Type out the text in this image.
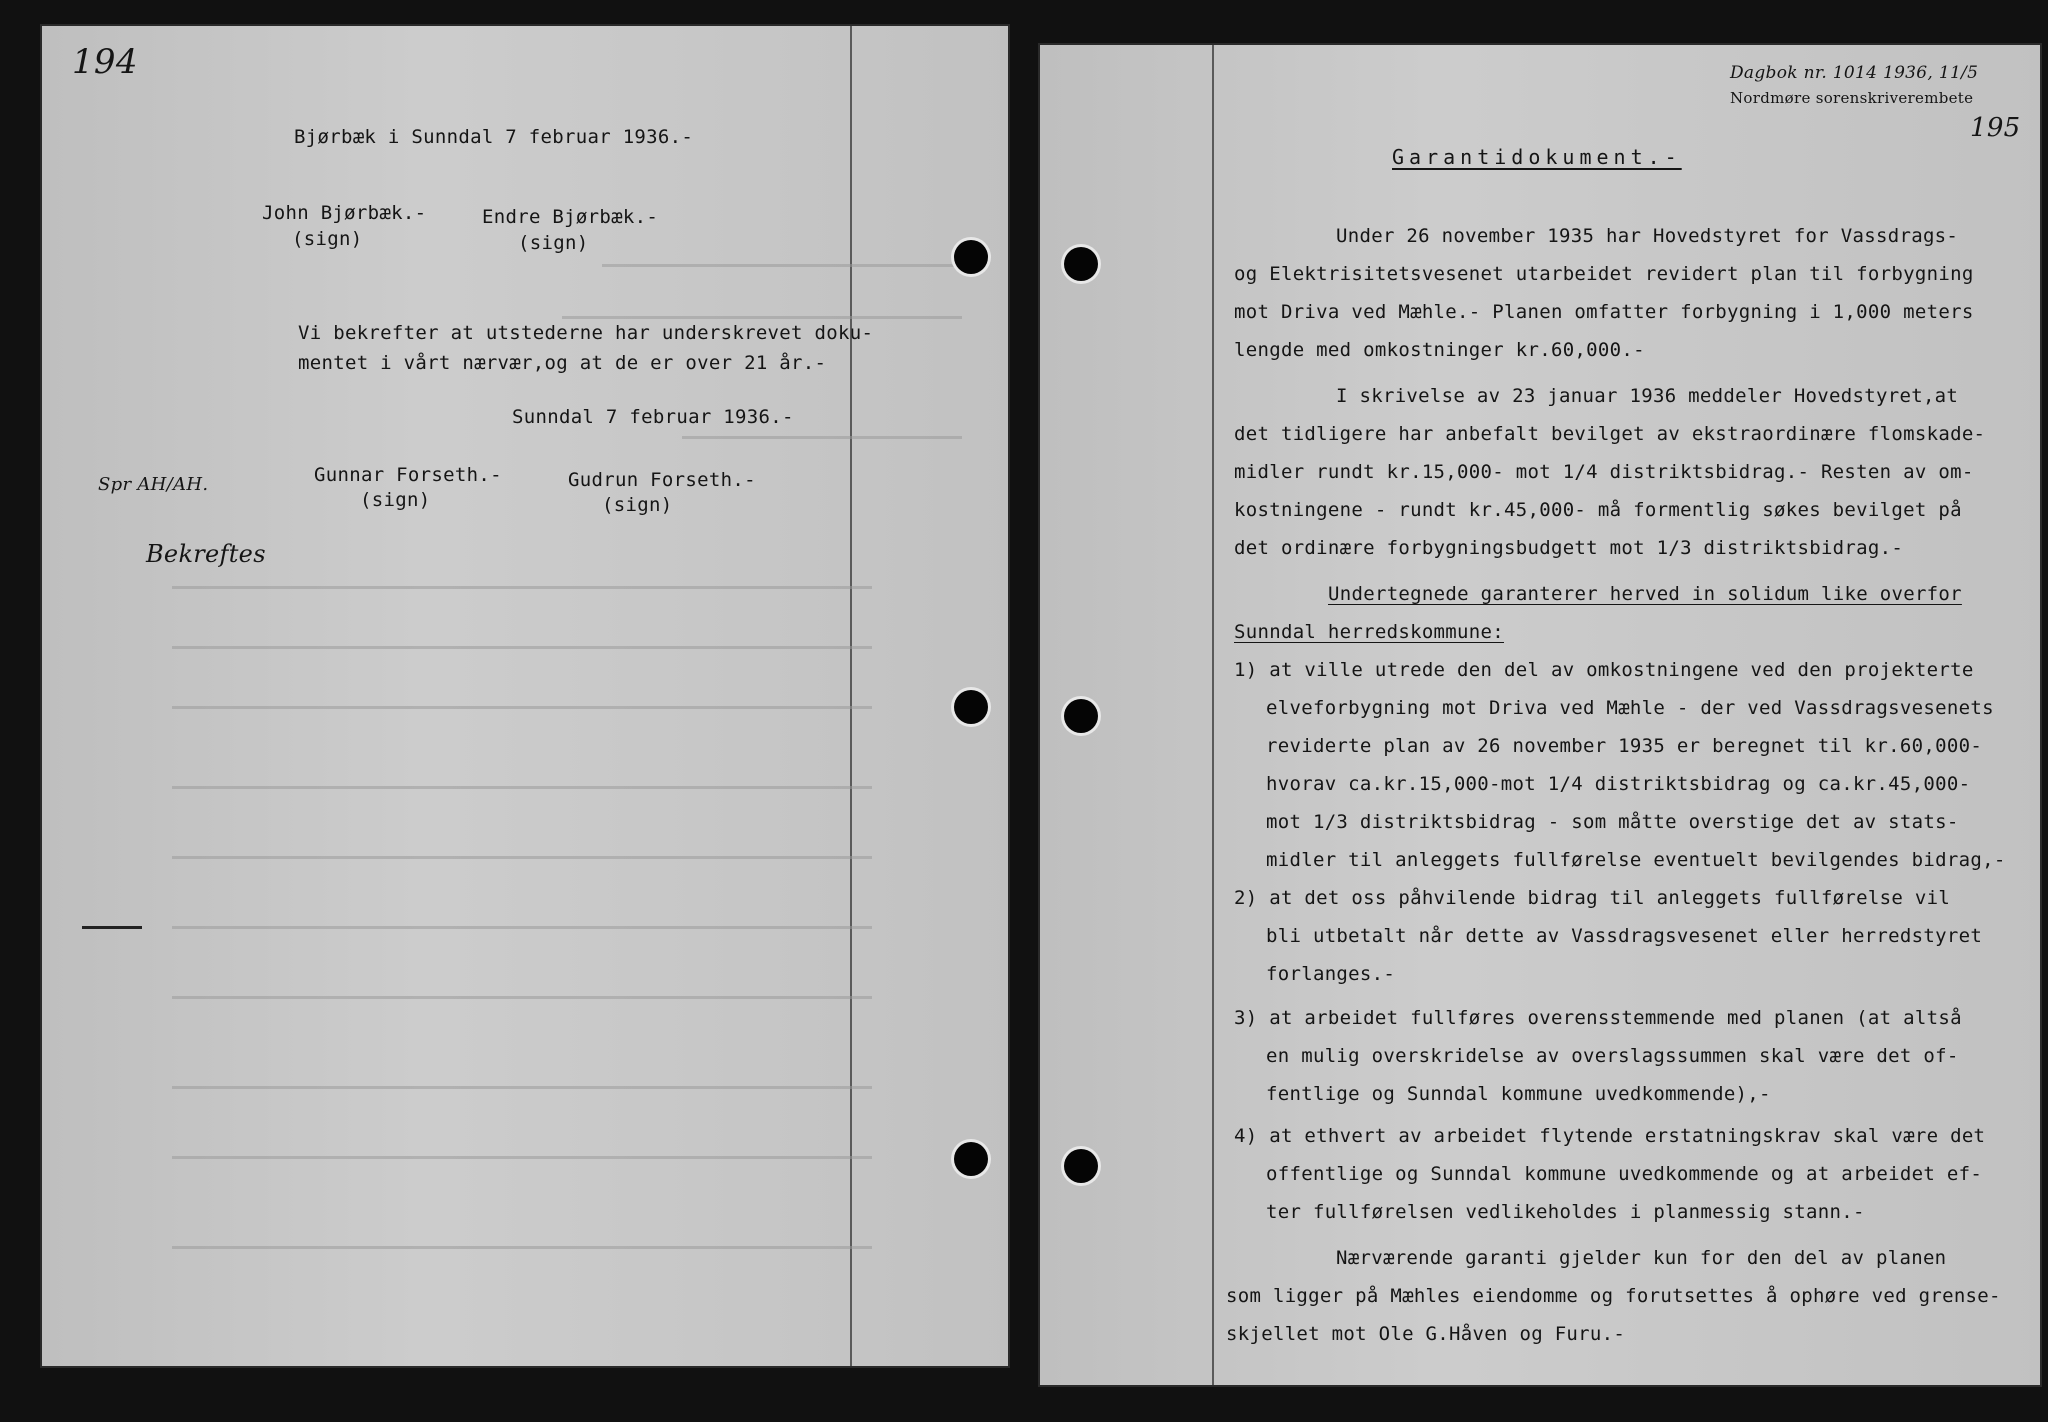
194
Bjørbæk i Sunndal 7 februar 1936.-
John Bjørbæk.-
(sign)
Endre Bjørbæk.-
(sign)
Vi bekrefter at utstederne har underskrevet doku-
mentet i vårt nærvær,og at de er over 21 år.-
Sunndal 7 februar 1936.-
Gunnar Forseth.-
(sign)
Gudrun Forseth.-
(sign)
Spr AH/AH.
Bekreftes
Dagbok nr. 1014 1936, 11/5
Nordmøre sorenskriverembete
195
Garantidokument.-
Under 26 november 1935 har Hovedstyret for Vassdrags-
og Elektrisitetsvesenet utarbeidet revidert plan til forbygning
mot Driva ved Mæhle.- Planen omfatter forbygning i 1,000 meters
lengde med omkostninger kr.60,000.-
I skrivelse av 23 januar 1936 meddeler Hovedstyret,at
det tidligere har anbefalt bevilget av ekstraordinære flomskade-
midler rundt kr.15,000- mot 1/4 distriktsbidrag.- Resten av om-
kostningene - rundt kr.45,000- må formentlig søkes bevilget på
det ordinære forbygningsbudgett mot 1/3 distriktsbidrag.-
Undertegnede garanterer herved in solidum like overfor
Sunndal herredskommune:
1) at ville utrede den del av omkostningene ved den projekterte
elveforbygning mot Driva ved Mæhle - der ved Vassdragsvesenets
reviderte plan av 26 november 1935 er beregnet til kr.60,000-
hvorav ca.kr.15,000-mot 1/4 distriktsbidrag og ca.kr.45,000-
mot 1/3 distriktsbidrag - som måtte overstige det av stats-
midler til anleggets fullførelse eventuelt bevilgendes bidrag,-
2) at det oss påhvilende bidrag til anleggets fullførelse vil
bli utbetalt når dette av Vassdragsvesenet eller herredstyret
forlanges.-
3) at arbeidet fullføres overensstemmende med planen (at altså
en mulig overskridelse av overslagssummen skal være det of-
fentlige og Sunndal kommune uvedkommende),-
4) at ethvert av arbeidet flytende erstatningskrav skal være det
offentlige og Sunndal kommune uvedkommende og at arbeidet ef-
ter fullførelsen vedlikeholdes i planmessig stann.-
Nærværende garanti gjelder kun for den del av planen
som ligger på Mæhles eiendomme og forutsettes å ophøre ved grense-
skjellet mot Ole G.Håven og Furu.-
